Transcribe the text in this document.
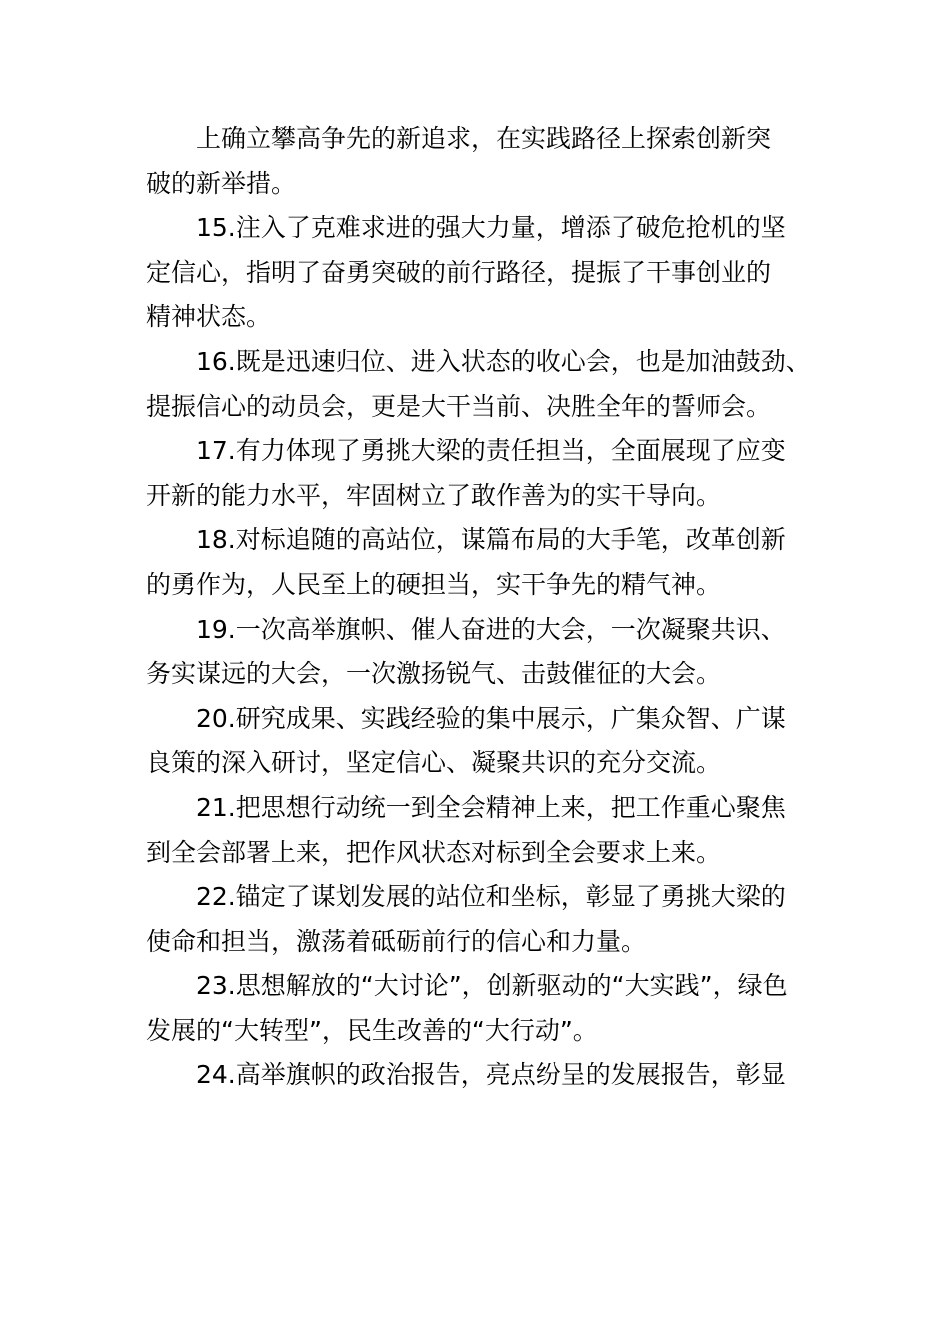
上确立攀高争先的新追求，在实践路径上探索创新突
破的新举措。
15.注入了克难求进的强大力量，增添了破危抢机的坚
定信心，指明了奋勇突破的前行路径，提振了干事创业的
精神状态。
16.既是迅速归位、进入状态的收心会，也是加油鼓劲、
提振信心的动员会，更是大干当前、决胜全年的誓师会。
17.有力体现了勇挑大梁的责任担当，全面展现了应变
开新的能力水平，牢固树立了敢作善为的实干导向。
18.对标追随的高站位，谋篇布局的大手笔，改革创新
的勇作为，人民至上的硬担当，实干争先的精气神。
19.一次高举旗帜、催人奋进的大会，一次凝聚共识、
务实谋远的大会，一次激扬锐气、击鼓催征的大会。
20.研究成果、实践经验的集中展示，广集众智、广谋
良策的深入研讨，坚定信心、凝聚共识的充分交流。
21.把思想行动统一到全会精神上来，把工作重心聚焦
到全会部署上来，把作风状态对标到全会要求上来。
22.锚定了谋划发展的站位和坐标，彰显了勇挑大梁的
使命和担当，激荡着砥砺前行的信心和力量。
23.思想解放的“大讨论”，创新驱动的“大实践”，绿色
发展的“大转型”，民生改善的“大行动”。
24.高举旗帜的政治报告，亮点纷呈的发展报告，彰显
